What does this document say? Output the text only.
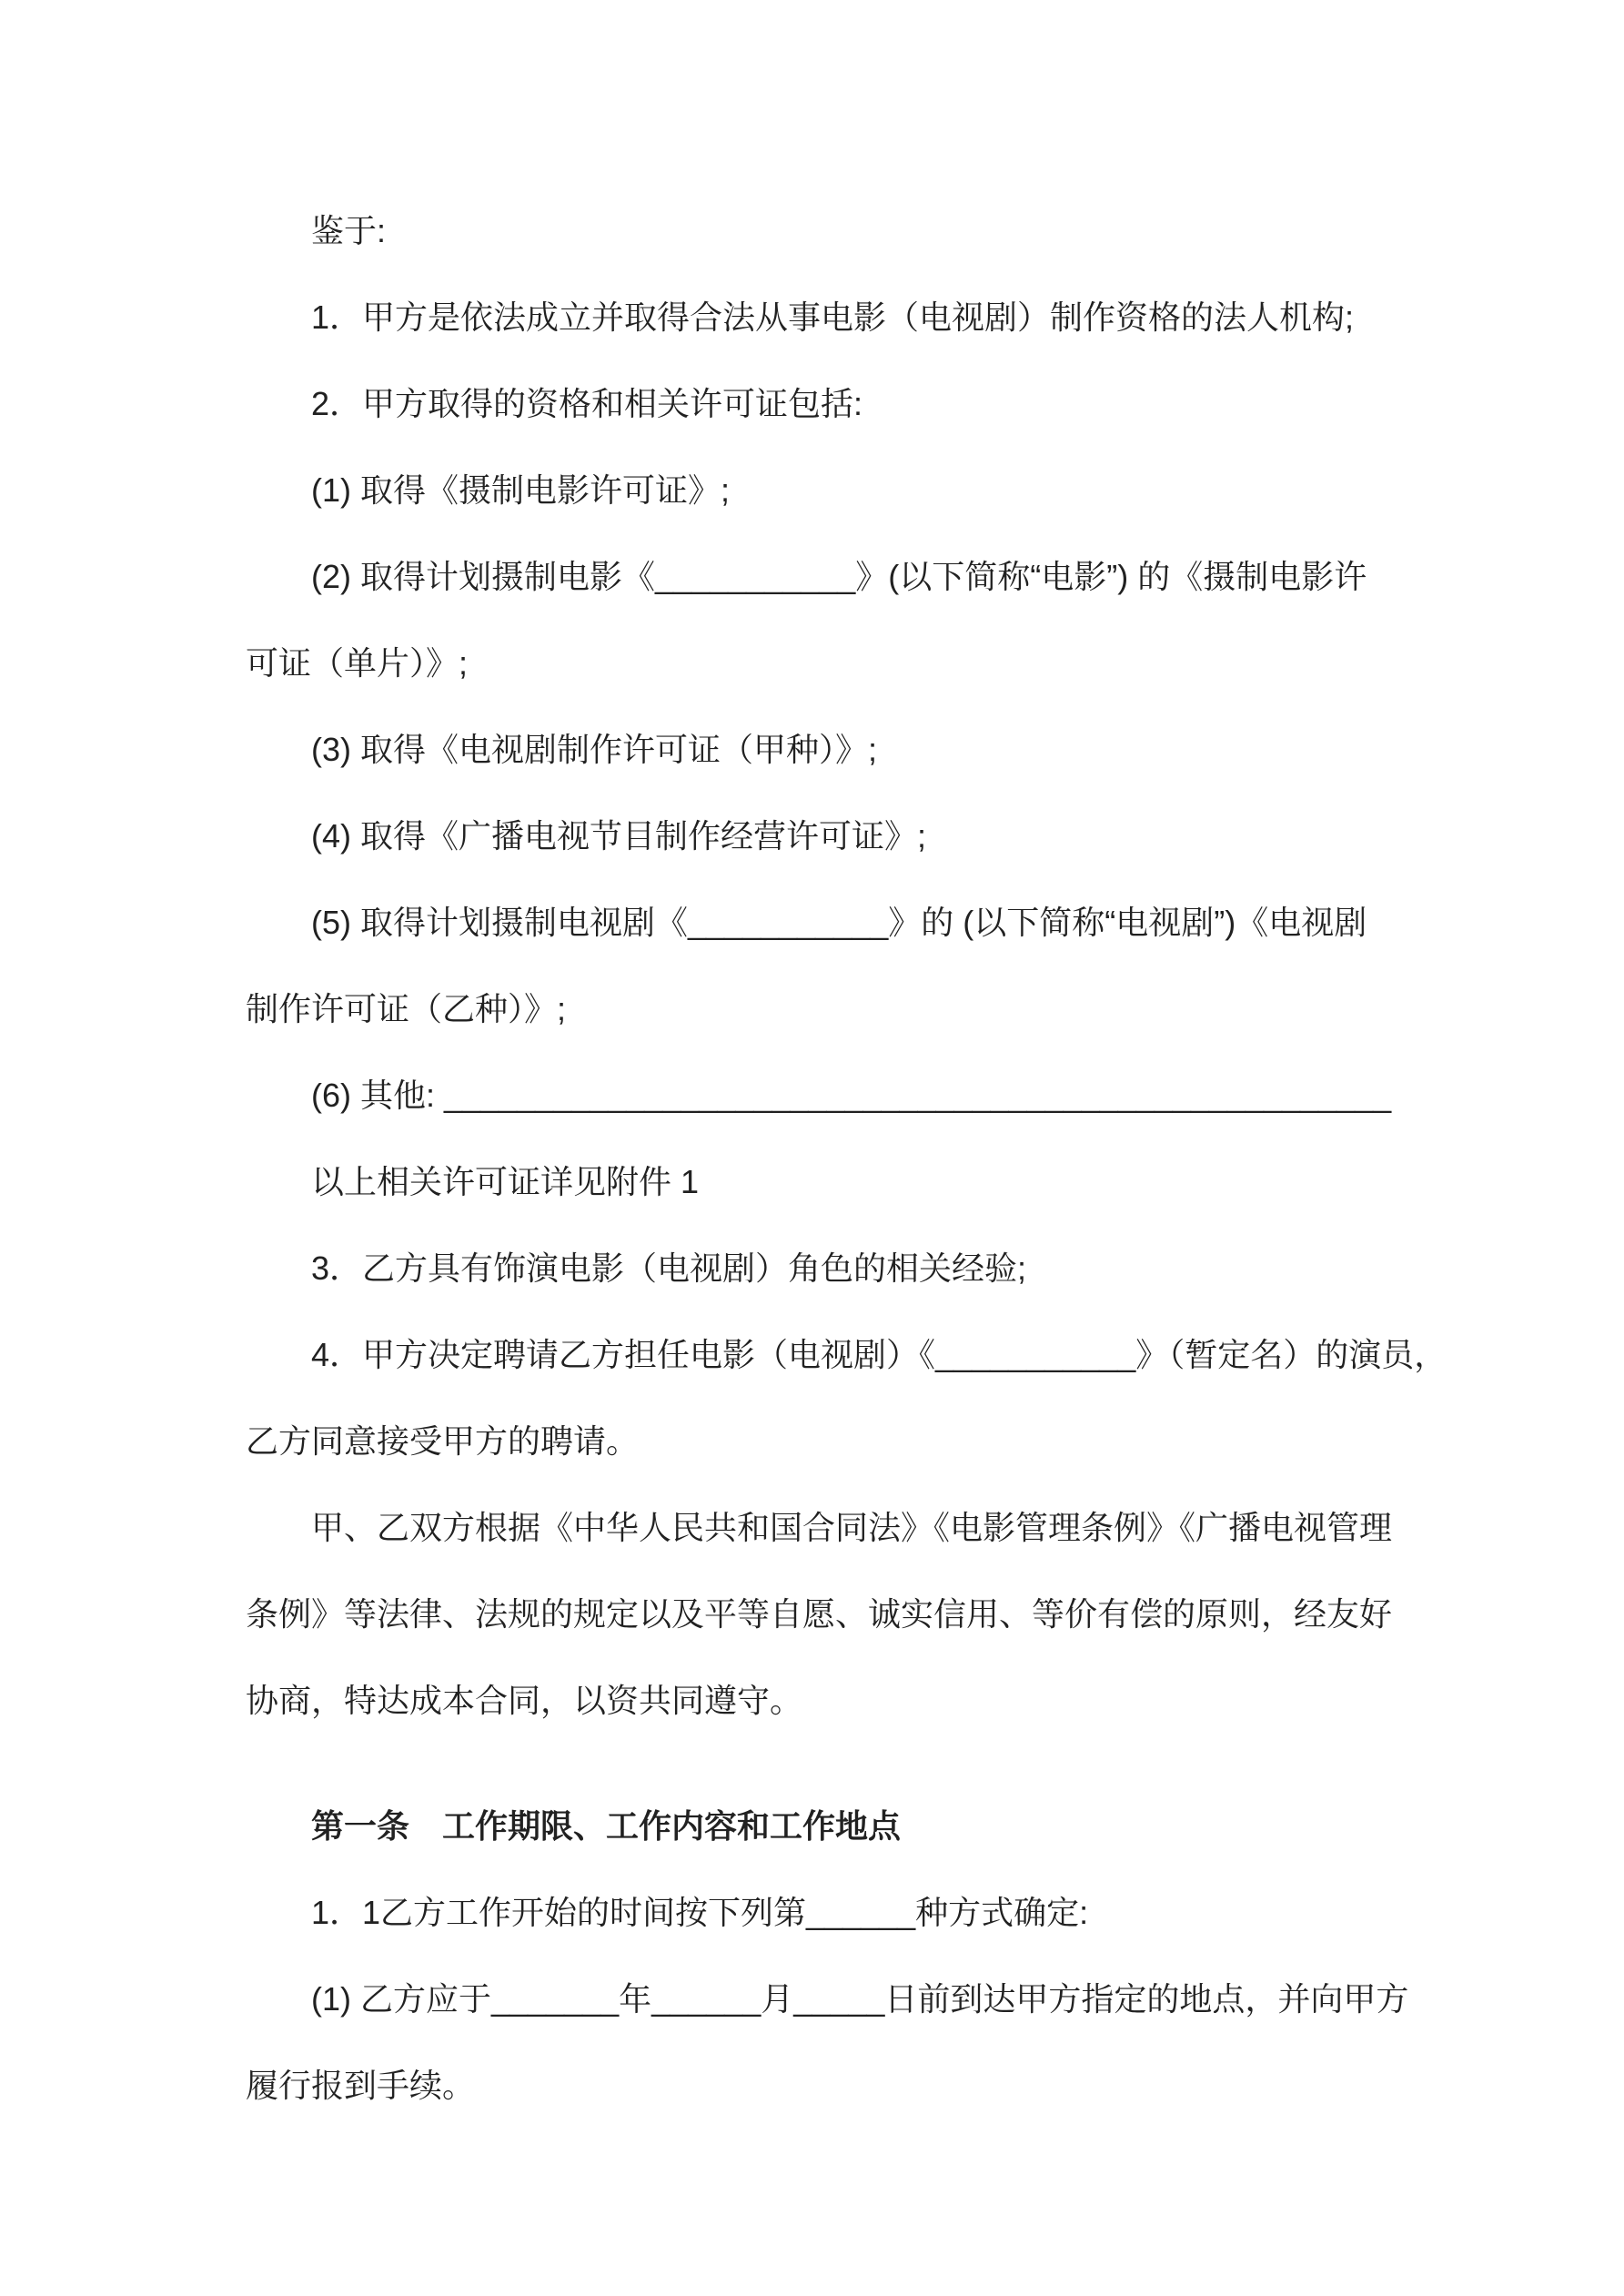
鉴于:
1．甲方是依法成立并取得合法从事电影（电视剧）制作资格的法人机构;
2．甲方取得的资格和相关许可证包括:
(1) 取得《摄制电影许可证》;
(2) 取得计划摄制电影《___________》(以下简称“电影”) 的《摄制电影许
可证（单片）》;
(3) 取得《电视剧制作许可证（甲种）》;
(4) 取得《广播电视节目制作经营许可证》;
(5) 取得计划摄制电视剧《___________》的 (以下简称“电视剧”)《电视剧
制作许可证（乙种）》;
(6) 其他: ____________________________________________________
以上相关许可证详见附件 1
3．乙方具有饰演电影（电视剧）角色的相关经验;
4．甲方决定聘请乙方担任电影（电视剧）《___________》（暂定名）的演员，
乙方同意接受甲方的聘请。
甲、乙双方根据《中华人民共和国合同法》《电影管理条例》《广播电视管理
条例》等法律、法规的规定以及平等自愿、诚实信用、等价有偿的原则，经友好
协商，特达成本合同，以资共同遵守。
第一条　工作期限、工作内容和工作地点
1．1乙方工作开始的时间按下列第______种方式确定:
(1) 乙方应于_______年______月_____日前到达甲方指定的地点，并向甲方
履行报到手续。
